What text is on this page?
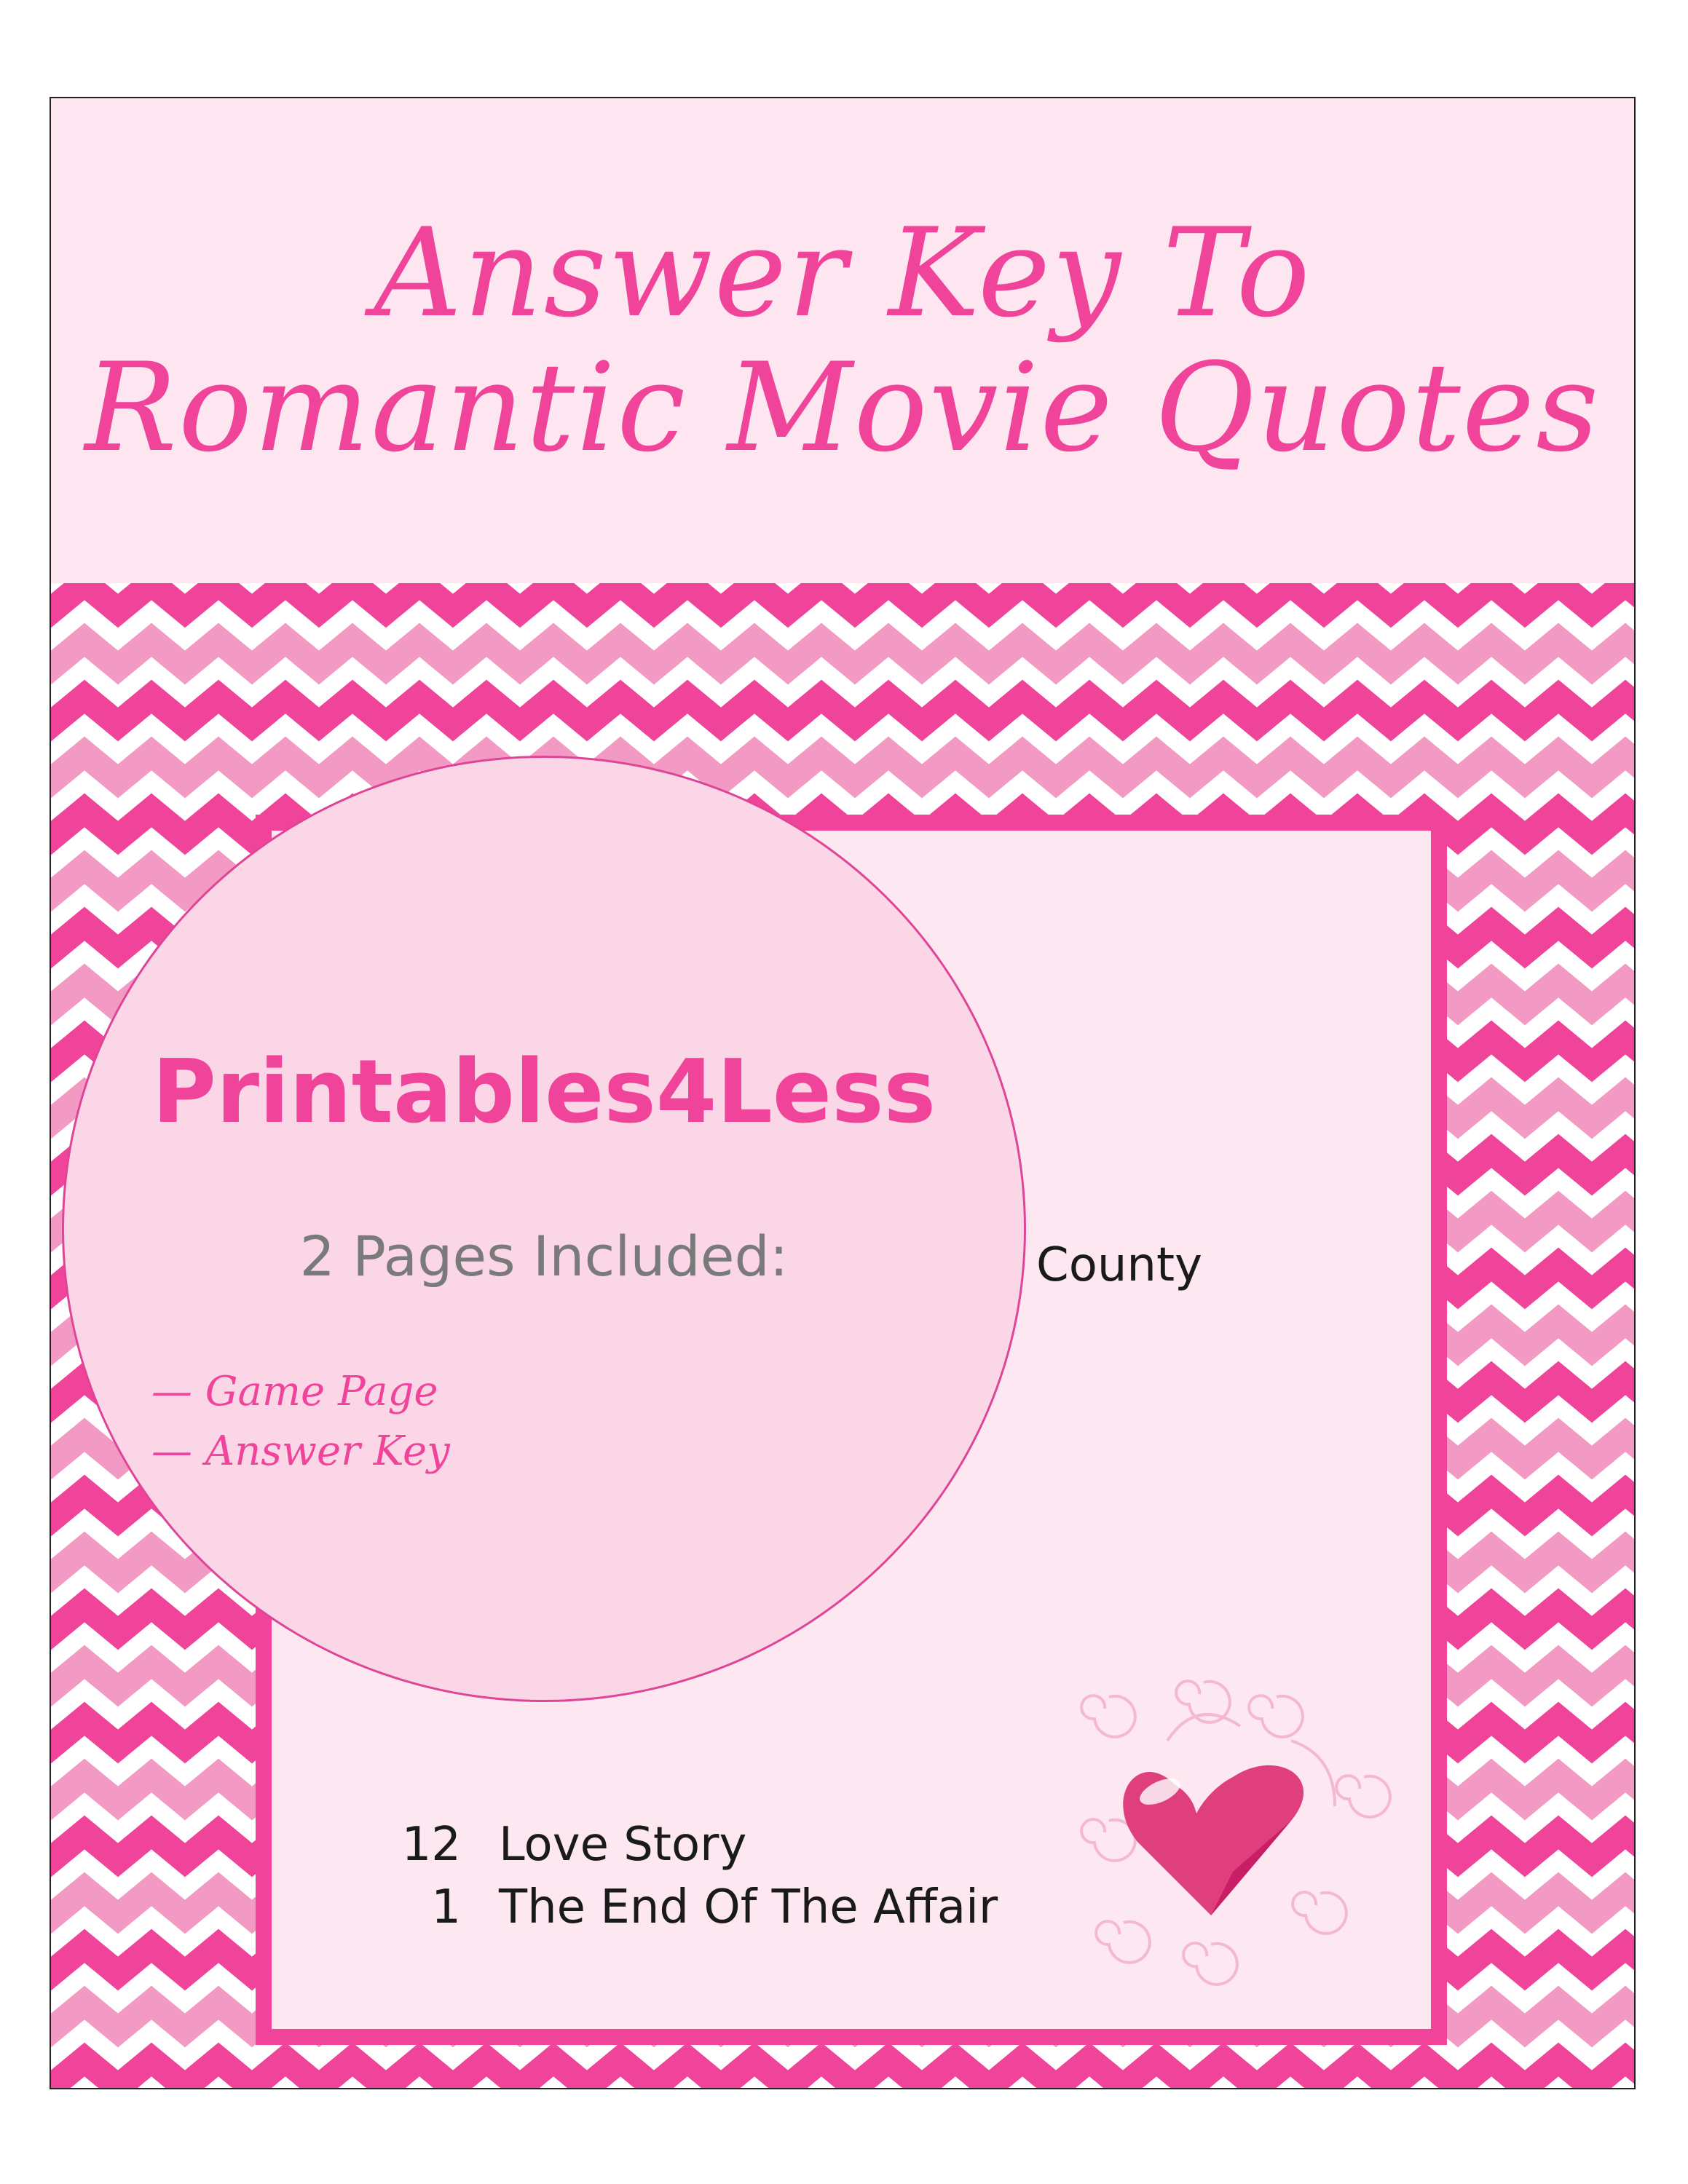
Answer Key To
Romantic Movie Quotes
County
12 Love Story
1 The End Of The Affair
Printables4Less
2 Pages Included:
— Game Page
— Answer Key
